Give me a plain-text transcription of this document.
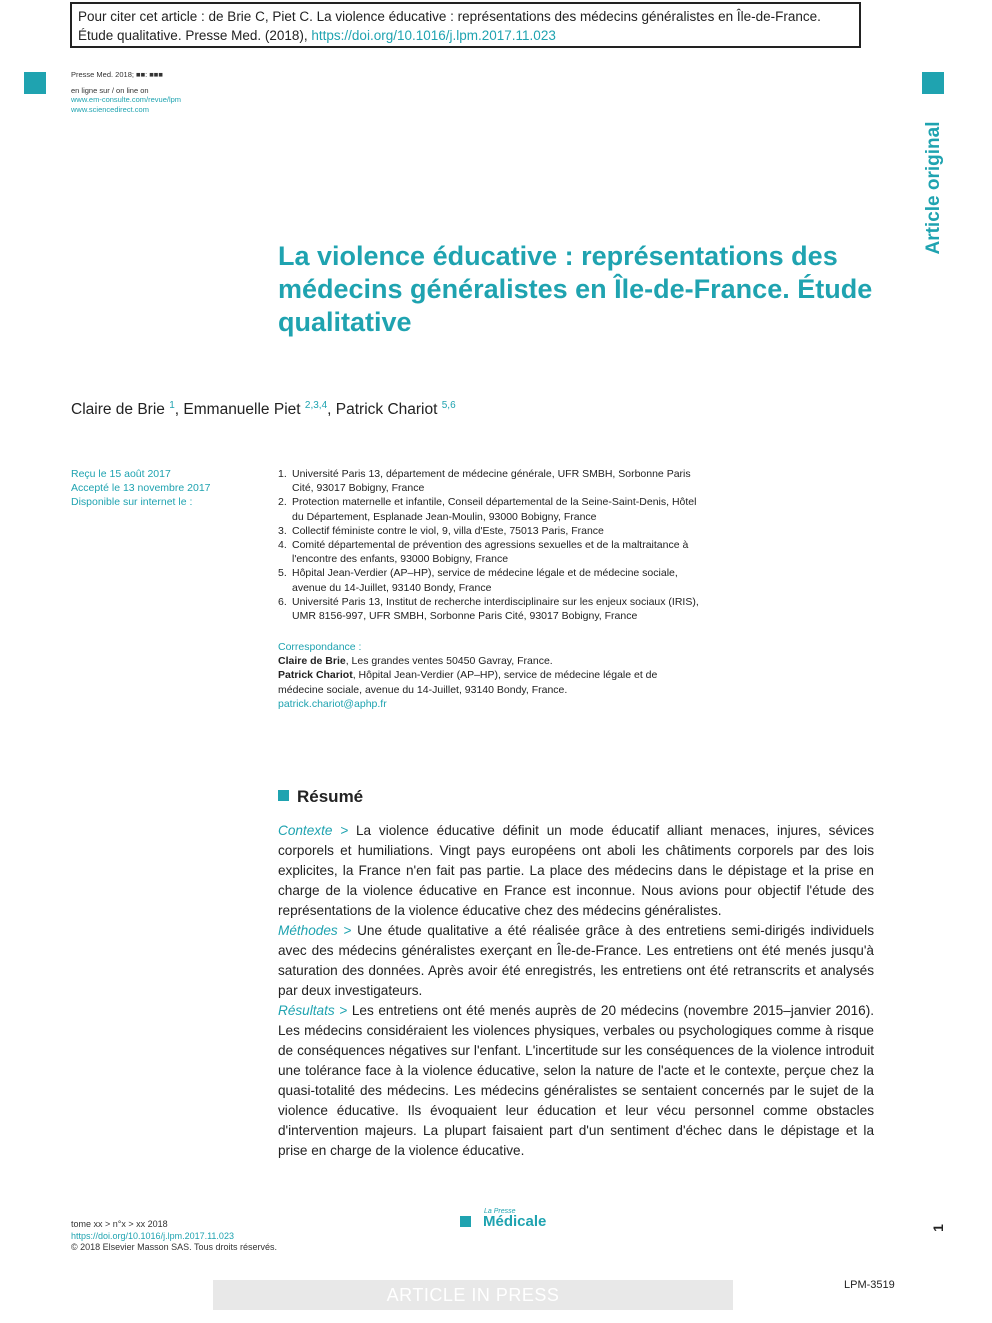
Pour citer cet article : de Brie C, Piet C. La violence éducative : représentations des médecins généralistes en Île-de-France. Étude qualitative. Presse Med. (2018), https://doi.org/10.1016/j.lpm.2017.11.023
Presse Med. 2018; ■■: ■■■
en ligne sur / on line on
www.em-consulte.com/revue/lpm
www.sciencedirect.com
Article original
La violence éducative : représentations des médecins généralistes en Île-de-France. Étude qualitative
Claire de Brie $^1$, Emmanuelle Piet $^{2,3,4}$, Patrick Chariot $^{5,6}$
Reçu le 15 août 2017
Accepté le 13 novembre 2017
Disponible sur internet le :
1. Université Paris 13, département de médecine générale, UFR SMBH, Sorbonne Paris Cité, 93017 Bobigny, France
2. Protection maternelle et infantile, Conseil départemental de la Seine-Saint-Denis, Hôtel du Département, Esplanade Jean-Moulin, 93000 Bobigny, France
3. Collectif féministe contre le viol, 9, villa d'Este, 75013 Paris, France
4. Comité départemental de prévention des agressions sexuelles et de la maltraitance à l'encontre des enfants, 93000 Bobigny, France
5. Hôpital Jean-Verdier (AP–HP), service de médecine légale et de médecine sociale, avenue du 14-Juillet, 93140 Bondy, France
6. Université Paris 13, Institut de recherche interdisciplinaire sur les enjeux sociaux (IRIS), UMR 8156-997, UFR SMBH, Sorbonne Paris Cité, 93017 Bobigny, France
Correspondance :
Claire de Brie, Les grandes ventes 50450 Gavray, France.
Patrick Chariot, Hôpital Jean-Verdier (AP–HP), service de médecine légale et de médecine sociale, avenue du 14-Juillet, 93140 Bondy, France.
patrick.chariot@aphp.fr
Résumé

Contexte > La violence éducative définit un mode éducatif alliant menaces, injures, sévices corporels et humiliations. Vingt pays européens ont aboli les châtiments corporels par des lois explicites, la France n'en fait pas partie. La place des médecins dans le dépistage et la prise en charge de la violence éducative en France est inconnue. Nous avions pour objectif l'étude des représentations de la violence éducative chez des médecins généralistes.

Méthodes > Une étude qualitative a été réalisée grâce à des entretiens semi-dirigés individuels avec des médecins généralistes exerçant en Île-de-France. Les entretiens ont été menés jusqu'à saturation des données. Après avoir été enregistrés, les entretiens ont été retranscrits et analysés par deux investigateurs.

Résultats > Les entretiens ont été menés auprès de 20 médecins (novembre 2015–janvier 2016). Les médecins considéraient les violences physiques, verbales ou psychologiques comme à risque de conséquences négatives sur l'enfant. L'incertitude sur les conséquences de la violence introduit une tolérance face à la violence éducative, selon la nature de l'acte et le contexte, perçue chez la quasi-totalité des médecins. Les médecins généralistes se sentaient concernés par le sujet de la violence éducative. Ils évoquaient leur éducation et leur vécu personnel comme obstacles d'intervention majeurs. La plupart faisaient part d'un sentiment d'échec dans le dépistage et la prise en charge de la violence éducative.

tome xx > n°x > xx 2018
https://doi.org/10.1016/j.lpm.2017.11.023
© 2018 Elsevier Masson SAS. Tous droits réservés.
La Presse
Médicale	1
ARTICLE IN PRESS	LPM-3519
